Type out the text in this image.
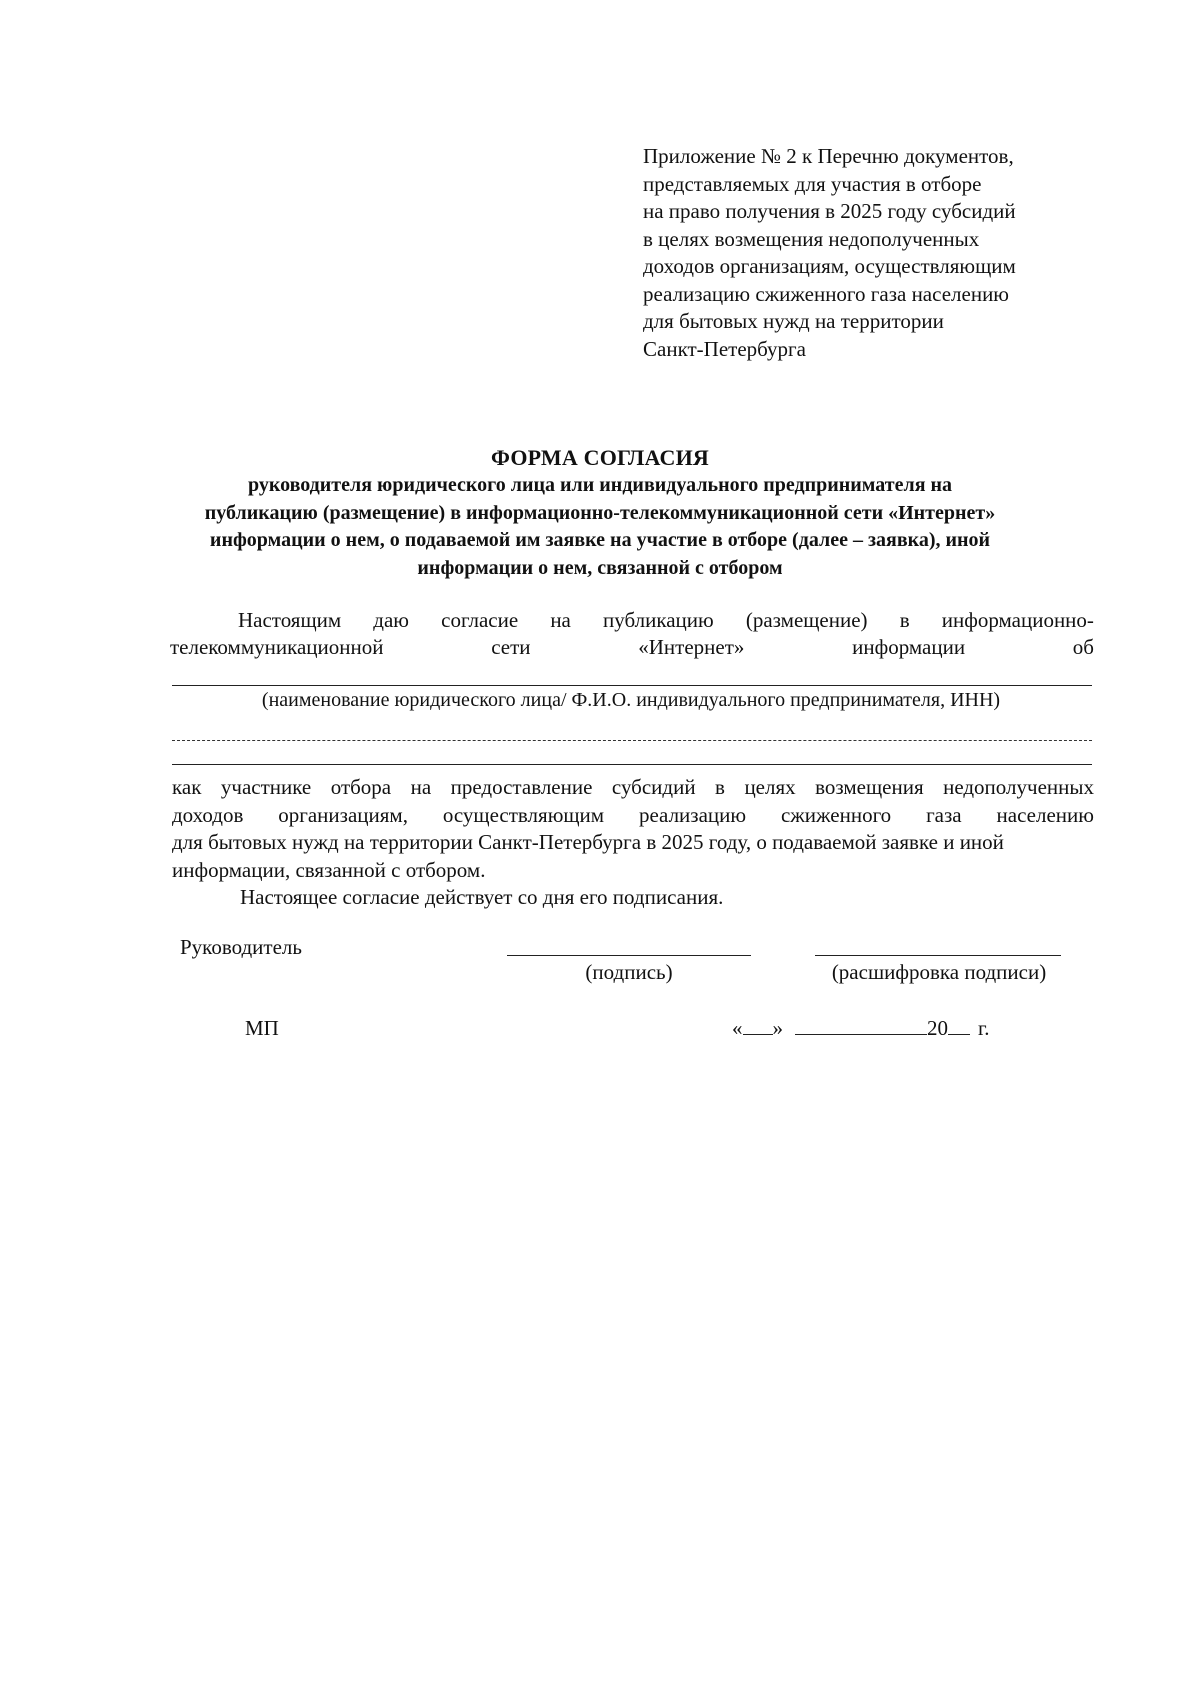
Приложение № 2 к Перечню документов,
представляемых для участия в отборе
на право получения в 2025 году субсидий
в целях возмещения недополученных
доходов организациям, осуществляющим
реализацию сжиженного газа населению
для бытовых нужд на территории
Санкт-Петербурга
ФОРМА СОГЛАСИЯ
руководителя юридического лица или индивидуального предпринимателя на
публикацию (размещение) в информационно-телекоммуникационной сети «Интернет»
информации о нем, о подаваемой им заявке на участие в отборе (далее – заявка), иной
информации о нем, связанной с отбором
Настоящим даю согласие на публикацию (размещение) в информационно-
телекоммуникационной	сети	«Интернет»	информации	об
(наименование юридического лица/ Ф.И.О. индивидуального предпринимателя, ИНН)
как участнике отбора на предоставление субсидий в целях возмещения недополученных
доходов организациям, осуществляющим реализацию сжиженного газа населению
для бытовых нужд на территории Санкт-Петербурга в 2025 году, о подаваемой заявке и иной
информации, связанной с отбором.
Настоящее согласие действует со дня его подписания.
Руководитель
(подпись)	(расшифровка подписи)
МП	« »	20 г.
